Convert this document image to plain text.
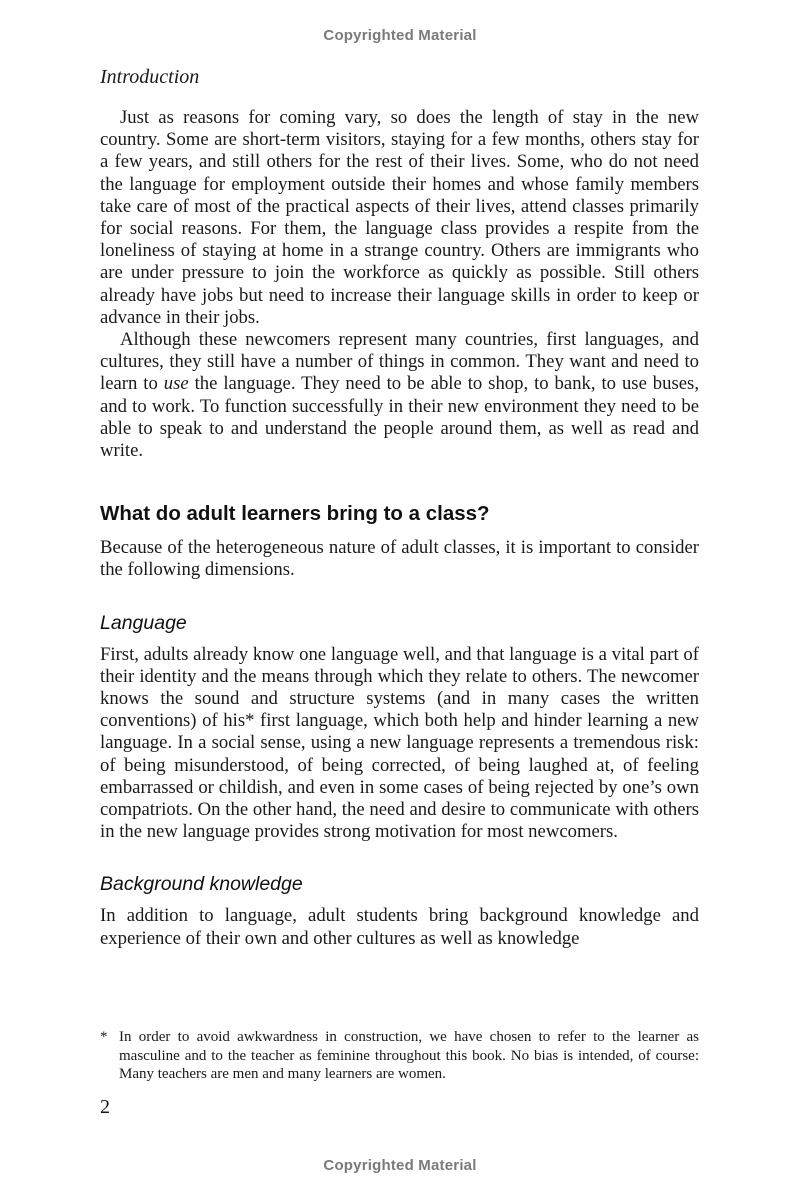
Copyrighted Material
Introduction

Just as reasons for coming vary, so does the length of stay in the new country. Some are short-term visitors, staying for a few months, others stay for a few years, and still others for the rest of their lives. Some, who do not need the language for employment outside their homes and whose family members take care of most of the practical aspects of their lives, attend classes primarily for social reasons. For them, the language class provides a respite from the loneliness of staying at home in a strange country. Others are immigrants who are under pressure to join the workforce as quickly as possible. Still others already have jobs but need to increase their language skills in order to keep or advance in their jobs.

Although these newcomers represent many countries, first languages, and cultures, they still have a number of things in common. They want and need to learn to use the language. They need to be able to shop, to bank, to use buses, and to work. To function successfully in their new environment they need to be able to speak to and understand the people around them, as well as read and write.

What do adult learners bring to a class?

Because of the heterogeneous nature of adult classes, it is important to consider the following dimensions.

Language

First, adults already know one language well, and that language is a vital part of their identity and the means through which they relate to others. The newcomer knows the sound and structure systems (and in many cases the written conventions) of his* first language, which both help and hinder learning a new language. In a social sense, using a new language represents a tremendous risk: of being misunderstood, of being corrected, of being laughed at, of feeling embarrassed or childish, and even in some cases of being rejected by one’s own compatriots. On the other hand, the need and desire to communicate with others in the new language provides strong motivation for most newcomers.

Background knowledge

In addition to language, adult students bring background knowledge and experience of their own and other cultures as well as knowledge

* In order to avoid awkwardness in construction, we have chosen to refer to the learner as masculine and to the teacher as feminine throughout this book. No bias is intended, of course: Many teachers are men and many learners are women.

2
Copyrighted Material
